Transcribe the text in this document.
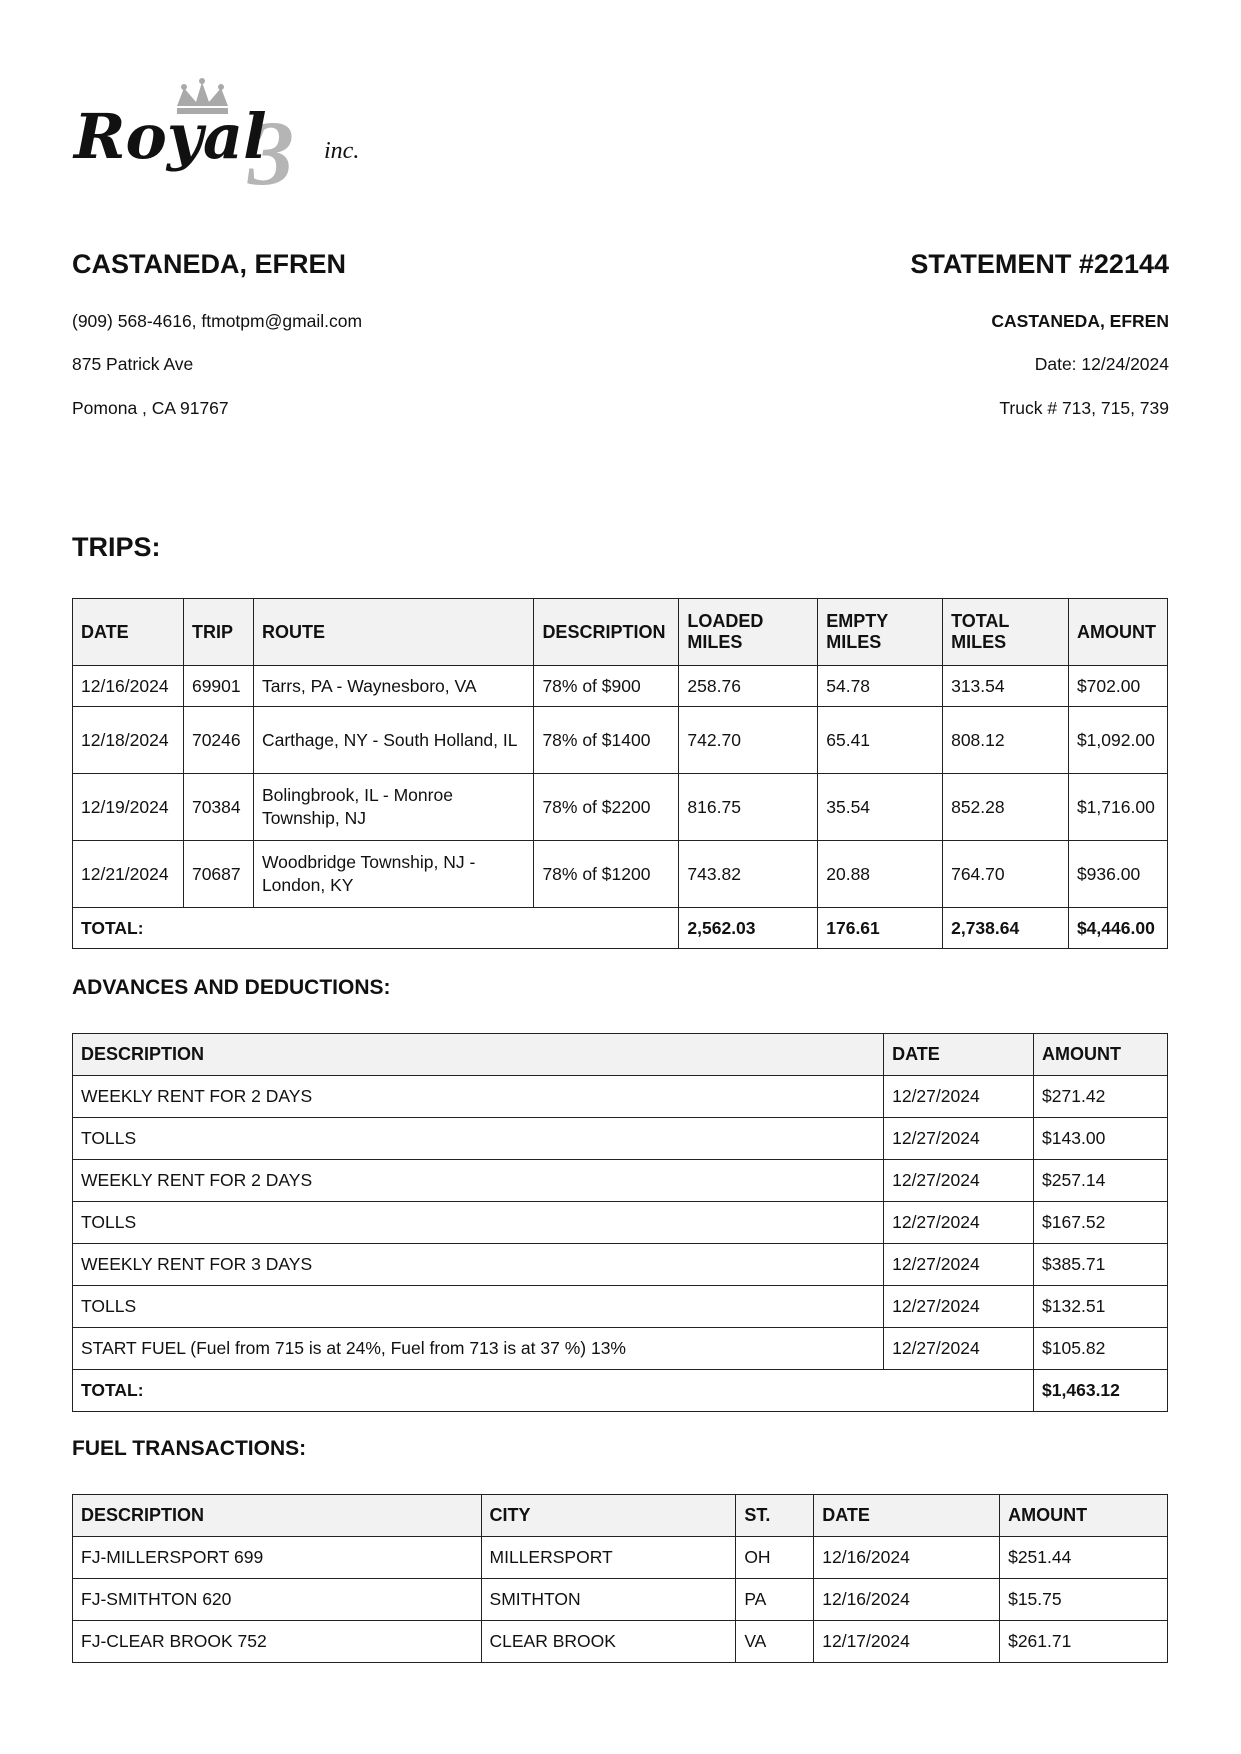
3
Royal inc.
CASTANEDA, EFREN

(909) 568-4616, ftmotpm@gmail.com

875 Patrick Ave

Pomona , CA 91767

STATEMENT #22144

CASTANEDA, EFREN

Date: 12/24/2024

Truck # 713, 715, 739

TRIPS:
DATE	TRIP	ROUTE	DESCRIPTION	LOADED MILES	EMPTY MILES	TOTAL MILES	AMOUNT
12/16/2024	69901	Tarrs, PA - Waynesboro, VA	78% of $900	258.76	54.78	313.54	$702.00
12/18/2024	70246	Carthage, NY - South Holland, IL	78% of $1400	742.70	65.41	808.12	$1,092.00
12/19/2024	70384	Bolingbrook, IL - Monroe Township, NJ	78% of $2200	816.75	35.54	852.28	$1,716.00
12/21/2024	70687	Woodbridge Township, NJ - London, KY	78% of $1200	743.82	20.88	764.70	$936.00
TOTAL:				2,562.03	176.61	2,738.64	$4,446.00
ADVANCES AND DEDUCTIONS:
DESCRIPTION	DATE	AMOUNT
WEEKLY RENT FOR 2 DAYS	12/27/2024	$271.42
TOLLS	12/27/2024	$143.00
WEEKLY RENT FOR 2 DAYS	12/27/2024	$257.14
TOLLS	12/27/2024	$167.52
WEEKLY RENT FOR 3 DAYS	12/27/2024	$385.71
TOLLS	12/27/2024	$132.51
START FUEL (Fuel from 715 is at 24%, Fuel from 713 is at 37 %) 13%	12/27/2024	$105.82
TOTAL:		$1,463.12
FUEL TRANSACTIONS:
DESCRIPTION	CITY	ST.	DATE	AMOUNT
FJ-MILLERSPORT 699	MILLERSPORT	OH	12/16/2024	$251.44
FJ-SMITHTON 620	SMITHTON	PA	12/16/2024	$15.75
FJ-CLEAR BROOK 752	CLEAR BROOK	VA	12/17/2024	$261.71
